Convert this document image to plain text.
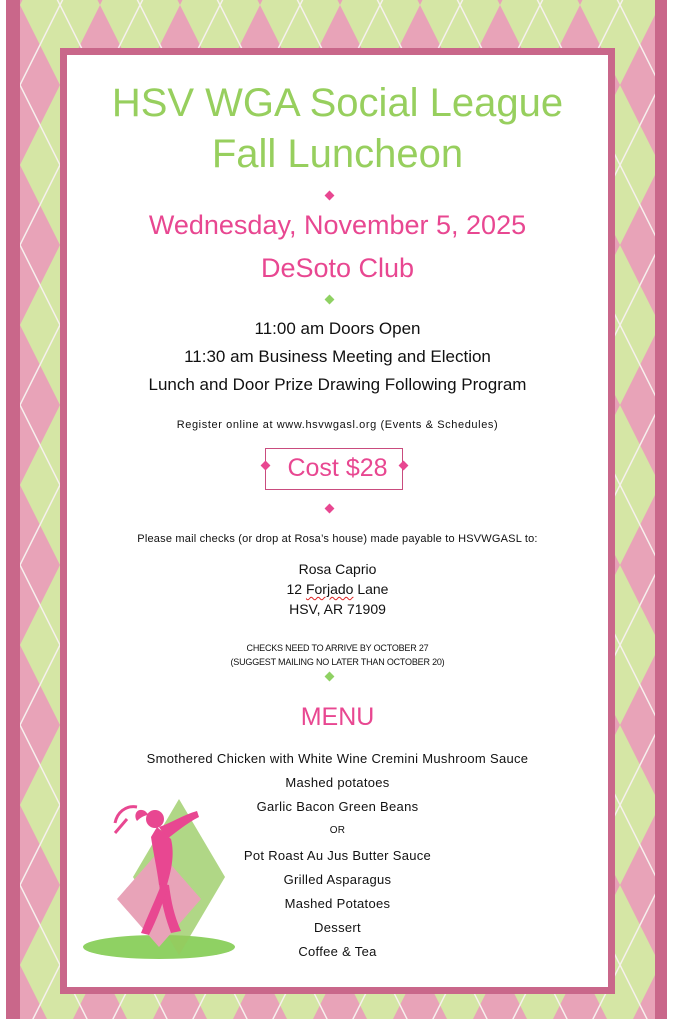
HSV WGA Social League
Fall Luncheon
Wednesday, November 5, 2025
DeSoto Club
11:00 am Doors Open
11:30 am Business Meeting and Election
Lunch and Door Prize Drawing Following Program
Register online at www.hsvwgasl.org (Events & Schedules)
Cost $28
Please mail checks (or drop at Rosa’s house) made payable to HSVWGASL to:
Rosa Caprio
12 Forjado Lane
HSV, AR 71909
CHECKS NEED TO ARRIVE BY OCTOBER 27
(SUGGEST MAILING NO LATER THAN OCTOBER 20)
MENU
Smothered Chicken with White Wine Cremini Mushroom Sauce
Mashed potatoes
Garlic Bacon Green Beans
OR
Pot Roast Au Jus Butter Sauce
Grilled Asparagus
Mashed Potatoes
Dessert
Coffee & Tea
